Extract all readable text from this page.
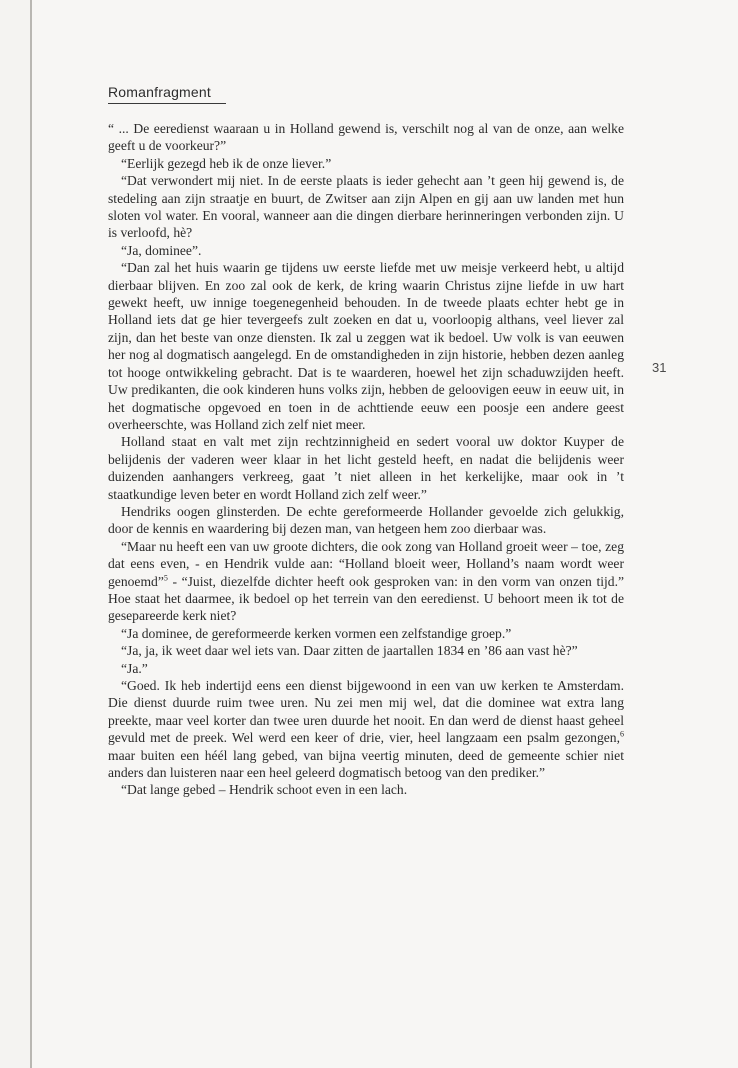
Romanfragment
31

“ ... De eeredienst waaraan u in Holland gewend is, verschilt nog al van de onze, aan welke geeft u de voorkeur?”

“Eerlijk gezegd heb ik de onze liever.”

“Dat verwondert mij niet. In de eerste plaats is ieder gehecht aan ’t geen hij gewend is, de stedeling aan zijn straatje en buurt, de Zwitser aan zijn Alpen en gij aan uw landen met hun sloten vol water. En vooral, wanneer aan die dingen dierbare herinneringen verbonden zijn. U is verloofd, hè?

“Ja, dominee”.

“Dan zal het huis waarin ge tijdens uw eerste liefde met uw meisje verkeerd hebt, u altijd dierbaar blijven. En zoo zal ook de kerk, de kring waarin Christus zijne liefde in uw hart gewekt heeft, uw innige toegenegenheid behouden. In de tweede plaats echter hebt ge in Holland iets dat ge hier tevergeefs zult zoeken en dat u, voorloopig althans, veel liever zal zijn, dan het beste van onze diensten. Ik zal u zeggen wat ik bedoel. Uw volk is van eeuwen her nog al dogmatisch aangelegd. En de omstandigheden in zijn historie, hebben dezen aanleg tot hooge ontwikkeling gebracht. Dat is te waarderen, hoewel het zijn schaduwzijden heeft. Uw predikanten, die ook kinderen huns volks zijn, hebben de geloovigen eeuw in eeuw uit, in het dogmatische opgevoed en toen in de achttiende eeuw een poosje een andere geest overheerschte, was Holland zich zelf niet meer.

Holland staat en valt met zijn rechtzinnigheid en sedert vooral uw doktor Kuyper de belijdenis der vaderen weer klaar in het licht gesteld heeft, en nadat die belijdenis weer duizenden aanhangers verkreeg, gaat ’t niet alleen in het kerkelijke, maar ook in ’t staatkundige leven beter en wordt Holland zich zelf weer.”

Hendriks oogen glinsterden. De echte gereformeerde Hollander gevoelde zich gelukkig, door de kennis en waardering bij dezen man, van hetgeen hem zoo dierbaar was.

“Maar nu heeft een van uw groote dichters, die ook zong van Holland groeit weer – toe, zeg dat eens even, - en Hendrik vulde aan: “Holland bloeit weer, Holland’s naam wordt weer genoemd”$^5$ - “Juist, diezelfde dichter heeft ook gesproken van: in den vorm van onzen tijd.” Hoe staat het daarmee, ik bedoel op het terrein van den eeredienst. U behoort meen ik tot de gesepareerde kerk niet?

“Ja dominee, de gereformeerde kerken vormen een zelfstandige groep.”

“Ja, ja, ik weet daar wel iets van. Daar zitten de jaartallen 1834 en ’86 aan vast hè?”

“Ja.”

“Goed. Ik heb indertijd eens een dienst bijgewoond in een van uw kerken te Amsterdam. Die dienst duurde ruim twee uren. Nu zei men mij wel, dat die dominee wat extra lang preekte, maar veel korter dan twee uren duurde het nooit. En dan werd de dienst haast geheel gevuld met de preek. Wel werd een keer of drie, vier, heel langzaam een psalm gezongen,$^6$ maar buiten een héél lang gebed, van bijna veertig minuten, deed de gemeente schier niet anders dan luisteren naar een heel geleerd dogmatisch betoog van den prediker.”

“Dat lange gebed – Hendrik schoot even in een lach.
